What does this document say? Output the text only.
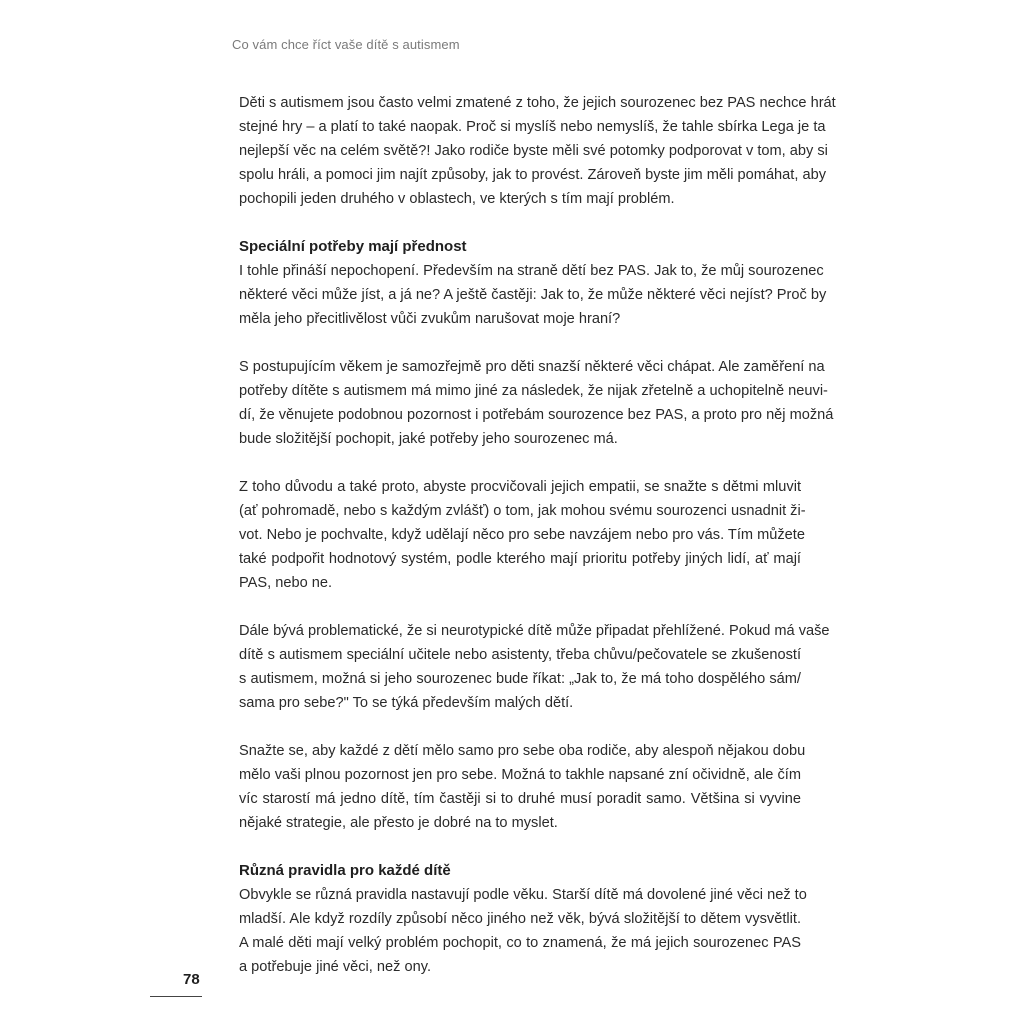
Co vám chce říct vaše dítě s autismem

Děti s autismem jsou často velmi zmatené z toho, že jejich sourozenec bez PAS nechce hrát
stejné hry – a platí to také naopak. Proč si myslíš nebo nemyslíš, že tahle sbírka Lega je ta
nejlepší věc na celém světě?! Jako rodiče byste měli své potomky podporovat v tom, aby si
spolu hráli, a pomoci jim najít způsoby, jak to provést. Zároveň byste jim měli pomáhat, aby
pochopili jeden druhého v oblastech, ve kterých s tím mají problém.

Speciální potřeby mají přednost

I tohle přináší nepochopení. Především na straně dětí bez PAS. Jak to, že můj sourozenec
některé věci může jíst, a já ne? A ještě častěji: Jak to, že může některé věci nejíst? Proč by
měla jeho přecitlivělost vůči zvukům narušovat moje hraní?

S postupujícím věkem je samozřejmě pro děti snazší některé věci chápat. Ale zaměření na
potřeby dítěte s autismem má mimo jiné za následek, že nijak zřetelně a uchopitelně neuvi-
dí, že věnujete podobnou pozornost i potřebám sourozence bez PAS, a proto pro něj možná
bude složitější pochopit, jaké potřeby jeho sourozenec má.

Z toho důvodu a také proto, abyste procvičovali jejich empatii, se snažte s dětmi mluvit
(ať pohromadě, nebo s každým zvlášť) o tom, jak mohou svému sourozenci usnadnit ži-
vot. Nebo je pochvalte, když udělají něco pro sebe navzájem nebo pro vás. Tím můžete
také podpořit hodnotový systém, podle kterého mají prioritu potřeby jiných lidí, ať mají
PAS, nebo ne.

Dále bývá problematické, že si neurotypické dítě může připadat přehlížené. Pokud má vaše
dítě s autismem speciální učitele nebo asistenty, třeba chůvu/pečovatele se zkušeností
s autismem, možná si jeho sourozenec bude říkat: „Jak to, že má toho dospělého sám/
sama pro sebe?" To se týká především malých dětí.

Snažte se, aby každé z dětí mělo samo pro sebe oba rodiče, aby alespoň nějakou dobu
mělo vaši plnou pozornost jen pro sebe. Možná to takhle napsané zní očividně, ale čím
víc starostí má jedno dítě, tím častěji si to druhé musí poradit samo. Většina si vyvine
nějaké strategie, ale přesto je dobré na to myslet.

Různá pravidla pro každé dítě

Obvykle se různá pravidla nastavují podle věku. Starší dítě má dovolené jiné věci než to
mladší. Ale když rozdíly způsobí něco jiného než věk, bývá složitější to dětem vysvětlit.
A malé děti mají velký problém pochopit, co to znamená, že má jejich sourozenec PAS
a potřebuje jiné věci, než ony.

78
